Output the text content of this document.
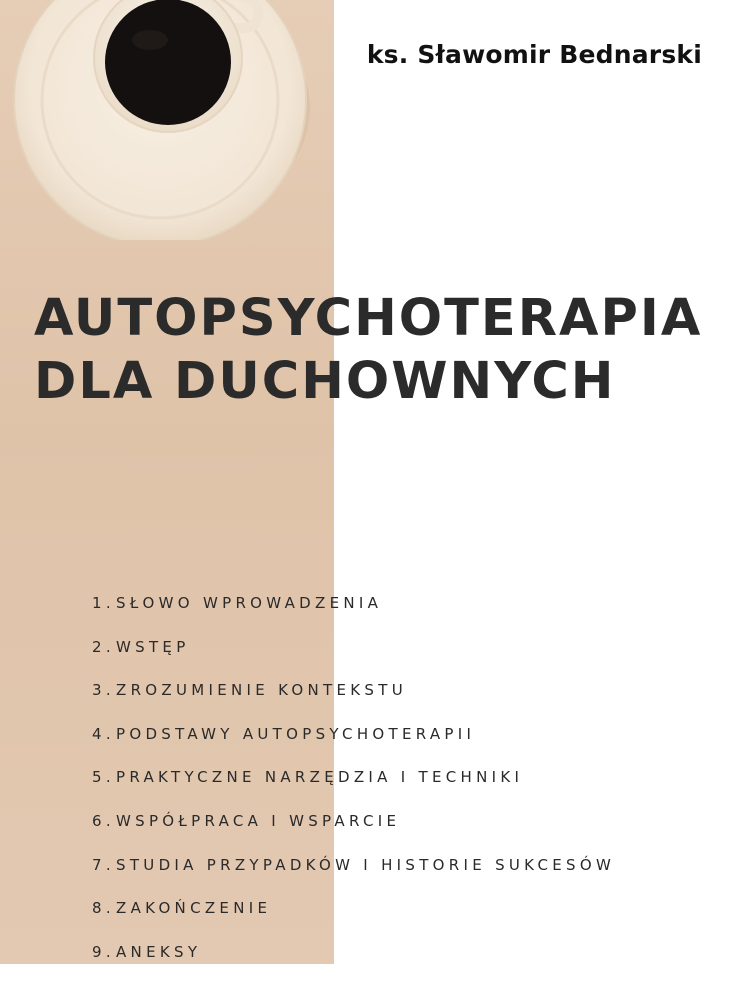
ks. Sławomir Bednarski
AUTOPSYCHOTERAPIA
DLA DUCHOWNYCH
1. SŁOWO WPROWADZENIA
2. WSTĘP
3. ZROZUMIENIE KONTEKSTU
4. PODSTAWY AUTOPSYCHOTERAPII
5. PRAKTYCZNE NARZĘDZIA I TECHNIKI
6. WSPÓŁPRACA I WSPARCIE
7. STUDIA PRZYPADKÓW I HISTORIE SUKCESÓW
8. ZAKOŃCZENIE
9. ANEKSY
